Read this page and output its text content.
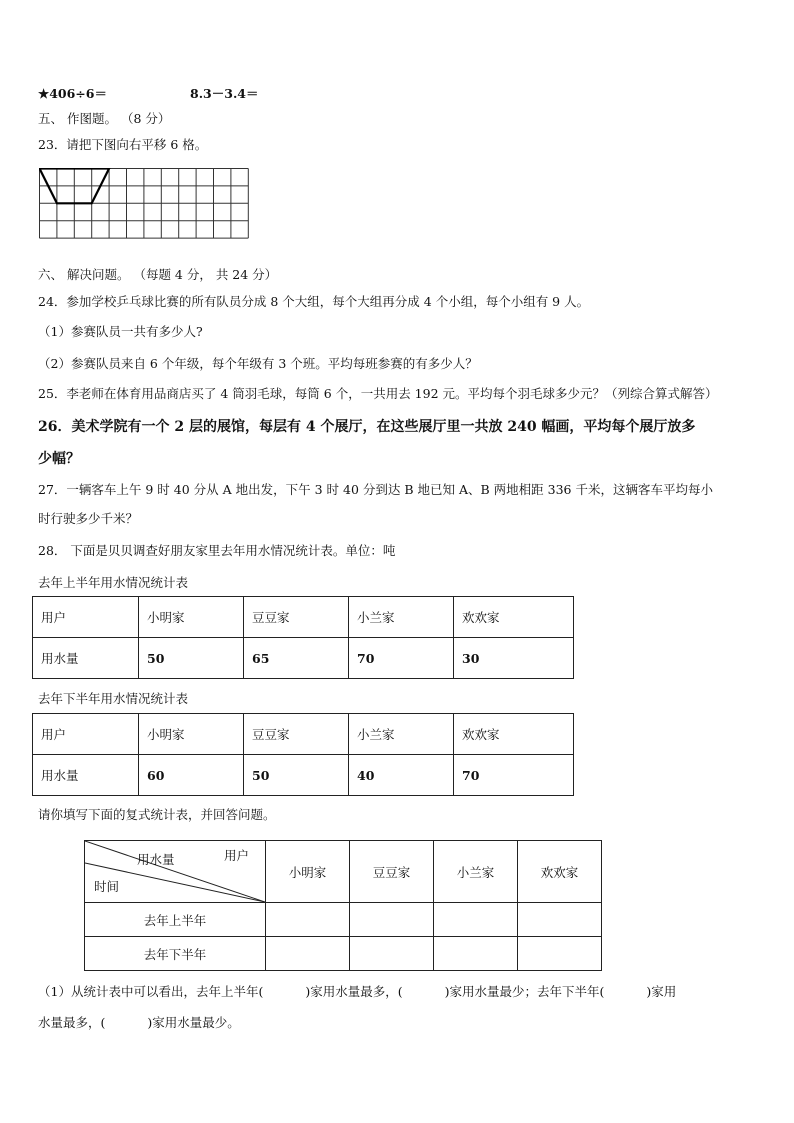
★406÷6＝	8.3－3.4＝
五、 作图题。 （8 分）
23．请把下图向右平移 6 格。
六、 解决问题。 （每题 4 分， 共 24 分）
24．参加学校乒乓球比赛的所有队员分成 8 个大组，每个大组再分成 4 个小组，每个小组有 9 人。
（1）参赛队员一共有多少人?
（2）参赛队员来自 6 个年级，每个年级有 3 个班。平均每班参赛的有多少人？
25．李老师在体育用品商店买了 4 筒羽毛球，每筒 6 个，一共用去 192 元。平均每个羽毛球多少元？（列综合算式解答）
26．美术学院有一个 2 层的展馆，每层有 4 个展厅，在这些展厅里一共放 240 幅画，平均每个展厅放多
少幅？
27．一辆客车上午 9 时 40 分从 A 地出发，下午 3 时 40 分到达 B 地已知 A、B 两地相距 336 千米，这辆客车平均每小
时行驶多少千米？
28． 下面是贝贝调查好朋友家里去年用水情况统计表。单位：吨
去年上半年用水情况统计表
用户	小明家	豆豆家	小兰家	欢欢家
用水量	50	65	70	30
去年下半年用水情况统计表
用户	小明家	豆豆家	小兰家	欢欢家
用水量	60	50	40	70
请你填写下面的复式统计表，并回答问题。
用户
用水量
时间	小明家	豆豆家	小兰家	欢欢家
去年上半年				
去年下半年				
（1）从统计表中可以看出，去年上半年(	)家用水量最多，(	)家用水量最少；去年下半年(	)家用
水量最多，(	)家用水量最少。
